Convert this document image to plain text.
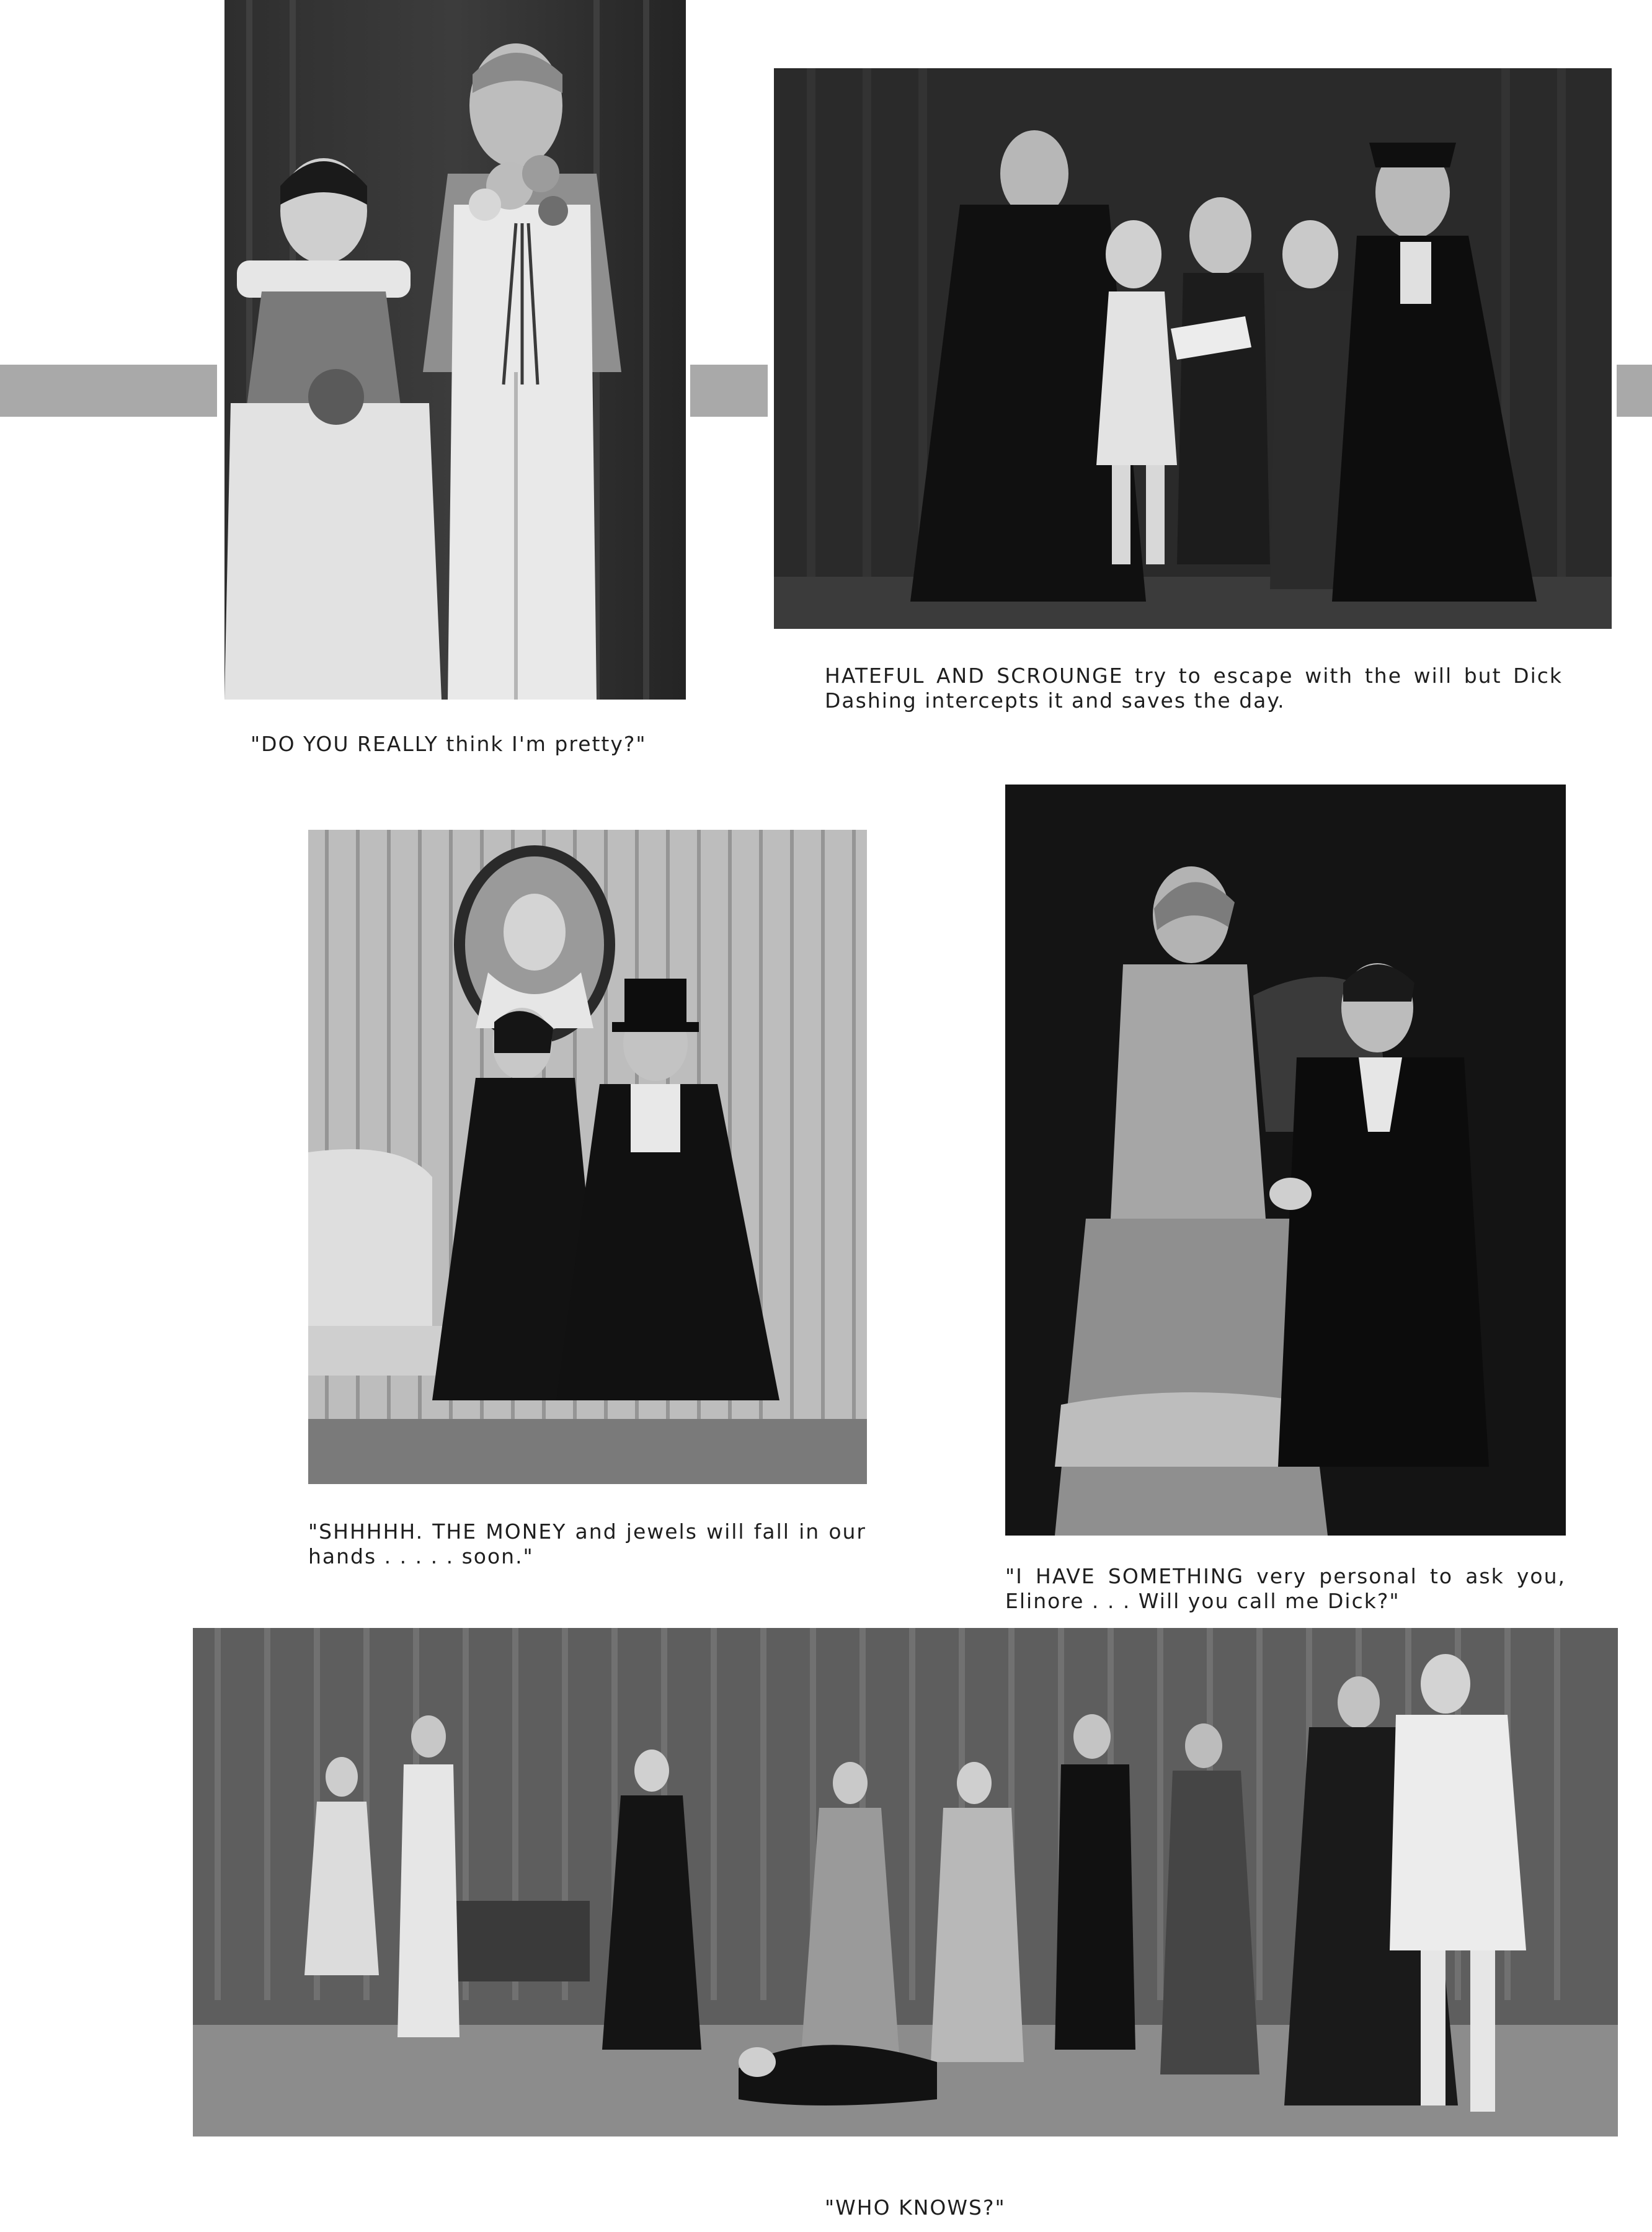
"DO YOU REALLY think I'm pretty?"

HATEFUL AND SCROUNGE try to escape with the will but Dick Dashing intercepts it and saves the day.

"SHHHHH. THE MONEY and jewels will fall in our hands . . . . . soon."

"I HAVE SOMETHING very personal to ask you, Elinore . . . Will you call me Dick?"

"WHO KNOWS?"
